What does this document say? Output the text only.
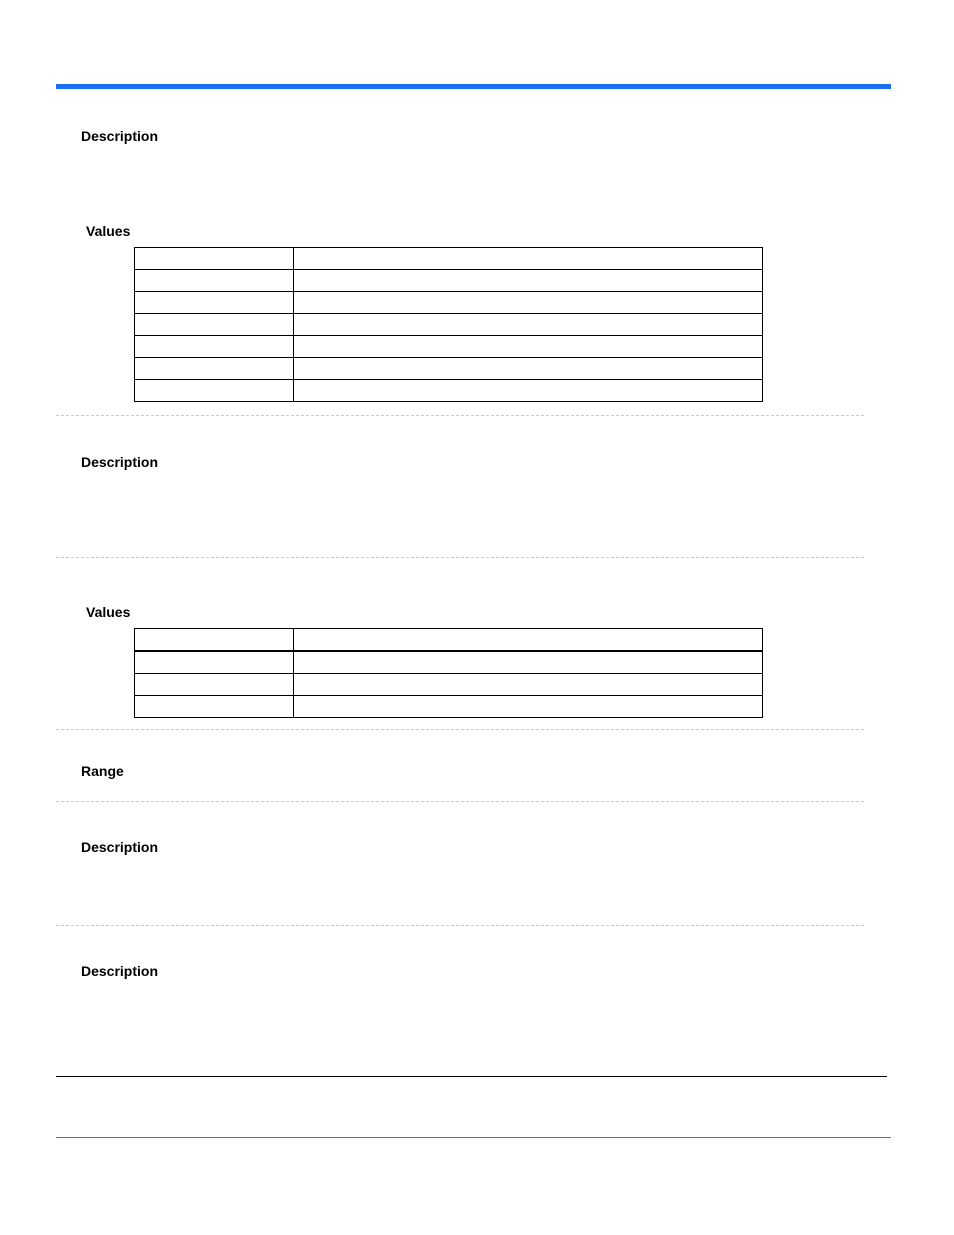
Description
Values

Description
Values

Range
Description
Description
